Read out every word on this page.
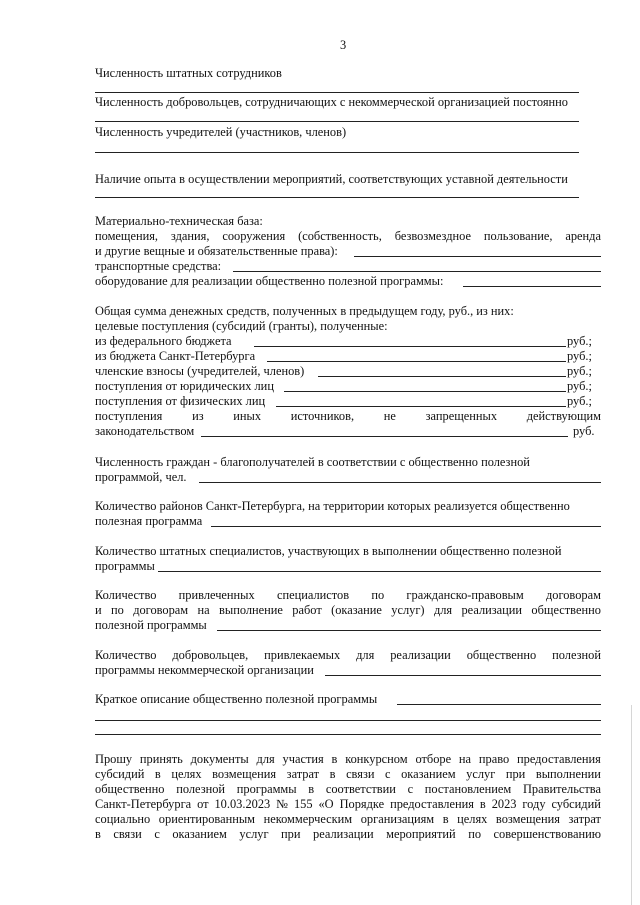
3
Численность штатных сотрудников
Численность добровольцев, сотрудничающих с некоммерческой организацией постоянно
Численность учредителей (участников, членов)
Наличие опыта в осуществлении мероприятий, соответствующих уставной деятельности
Материально-техническая база:
помещения, здания, сооружения (собственность, безвозмездное пользование, аренда
и другие вещные и обязательственные права):
транспортные средства:
оборудование для реализации общественно полезной программы:
Общая сумма денежных средств, полученных в предыдущем году, руб., из них:
целевые поступления (субсидий (гранты), полученные:
из федерального бюджета	руб.;
из бюджета Санкт-Петербурга	руб.;
членские взносы (учредителей, членов)	руб.;
поступления от юридических лиц	руб.;
поступления от физических лиц	руб.;
поступления из иных источников, не запрещенных действующим
законодательством	руб.
Численность граждан - благополучателей в соответствии с общественно полезной
программой, чел.
Количество районов Санкт-Петербурга, на территории которых реализуется общественно
полезная программа
Количество штатных специалистов, участвующих в выполнении общественно полезной
программы
Количество привлеченных специалистов по гражданско-правовым договорам
и по договорам на выполнение работ (оказание услуг) для реализации общественно
полезной программы
Количество добровольцев, привлекаемых для реализации общественно полезной
программы некоммерческой организации
Краткое описание общественно полезной программы
Прошу принять документы для участия в конкурсном отборе на право предоставления
субсидий в целях возмещения затрат в связи с оказанием услуг при выполнении
общественно полезной программы в соответствии с постановлением Правительства
Санкт-Петербурга от 10.03.2023 № 155 «О Порядке предоставления в 2023 году субсидий
социально ориентированным некоммерческим организациям в целях возмещения затрат
в связи с оказанием услуг при реализации мероприятий по совершенствованию
